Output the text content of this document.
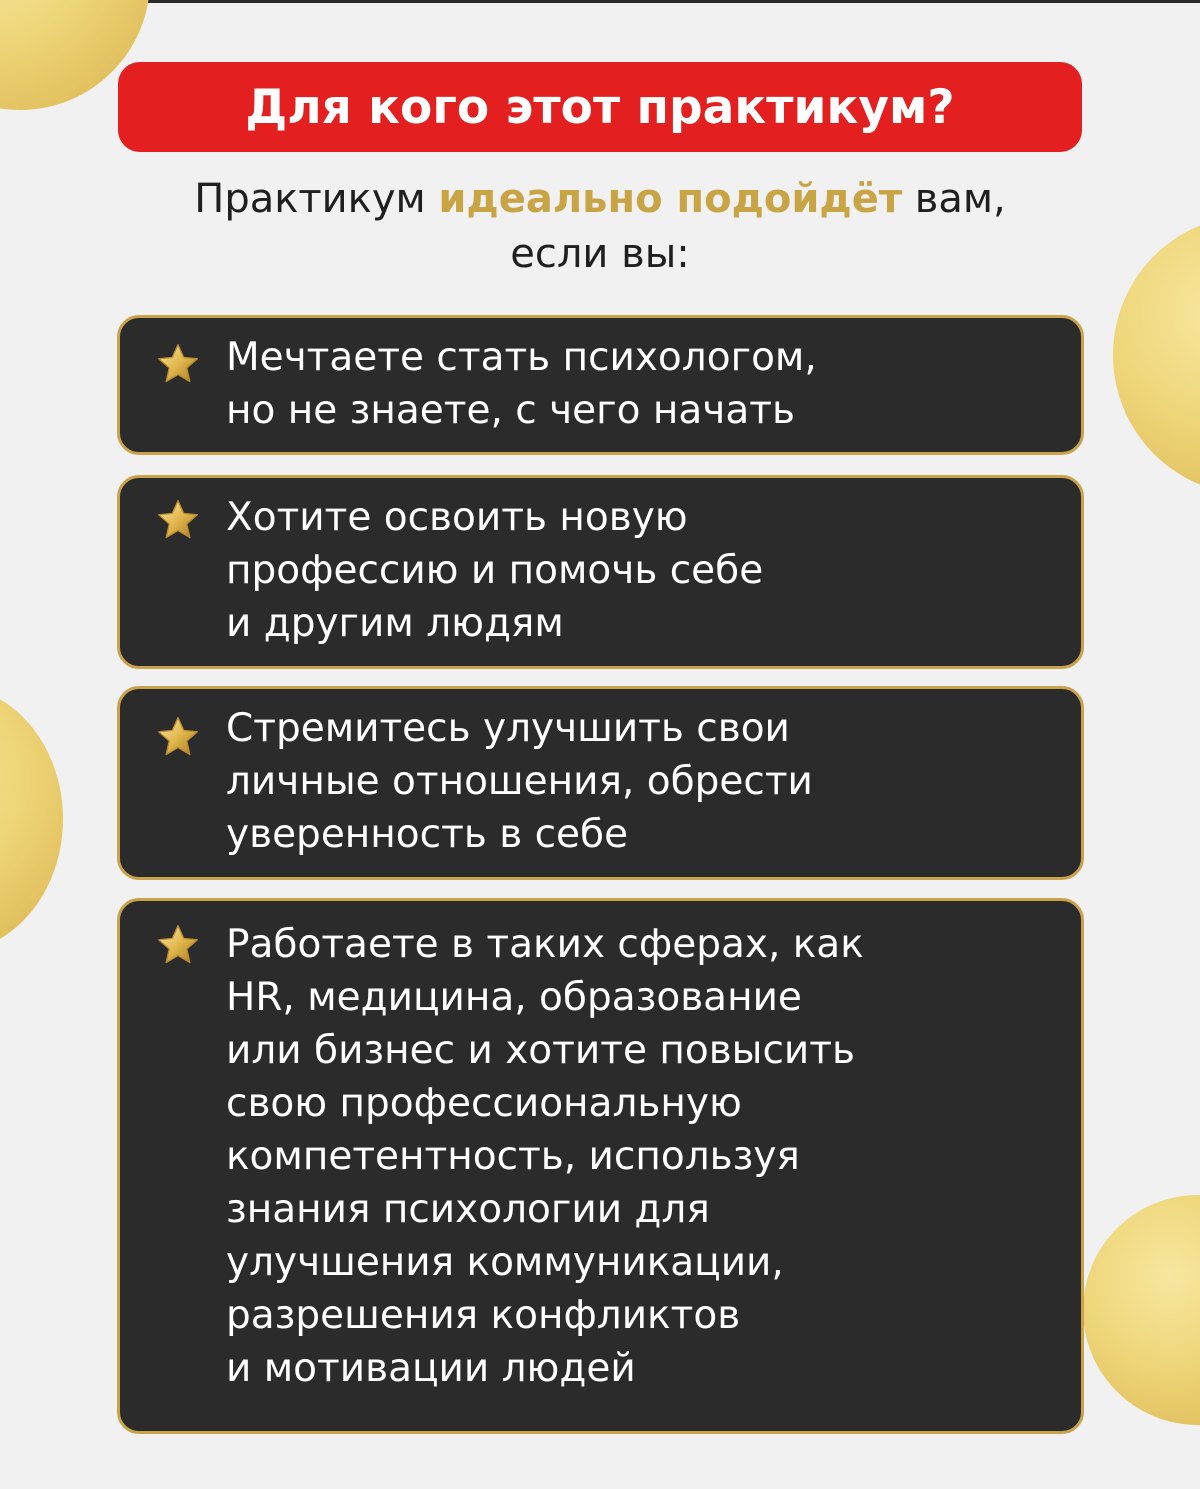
Для кого этот практикум?
Практикум идеально подойдёт вам,
если вы:
Мечтаете стать психологом,
но не знаете, с чего начать
Хотите освоить новую
профессию и помочь себе
и другим людям
Стремитесь улучшить свои
личные отношения, обрести
уверенность в себе
Работаете в таких сферах, как
HR, медицина, образование
или бизнес и хотите повысить
свою профессиональную
компетентность, используя
знания психологии для
улучшения коммуникации,
разрешения конфликтов
и мотивации людей
